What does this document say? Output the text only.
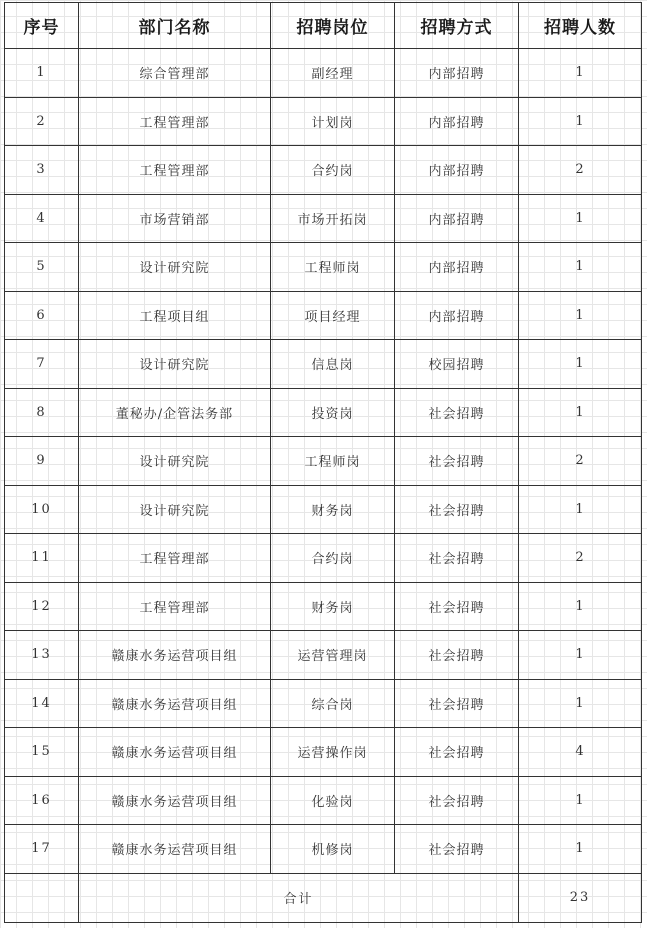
序号	部门名称	招聘岗位	招聘方式	招聘人数
1	综合管理部	副经理	内部招聘	1
2	工程管理部	计划岗	内部招聘	1
3	工程管理部	合约岗	内部招聘	2
4	市场营销部	市场开拓岗	内部招聘	1
5	设计研究院	工程师岗	内部招聘	1
6	工程项目组	项目经理	内部招聘	1
7	设计研究院	信息岗	校园招聘	1
8	董秘办/企管法务部	投资岗	社会招聘	1
9	设计研究院	工程师岗	社会招聘	2
10	设计研究院	财务岗	社会招聘	1
11	工程管理部	合约岗	社会招聘	2
12	工程管理部	财务岗	社会招聘	1
13	赣康水务运营项目组	运营管理岗	社会招聘	1
14	赣康水务运营项目组	综合岗	社会招聘	1
15	赣康水务运营项目组	运营操作岗	社会招聘	4
16	赣康水务运营项目组	化验岗	社会招聘	1
17	赣康水务运营项目组	机修岗	社会招聘	1
	合计			23
